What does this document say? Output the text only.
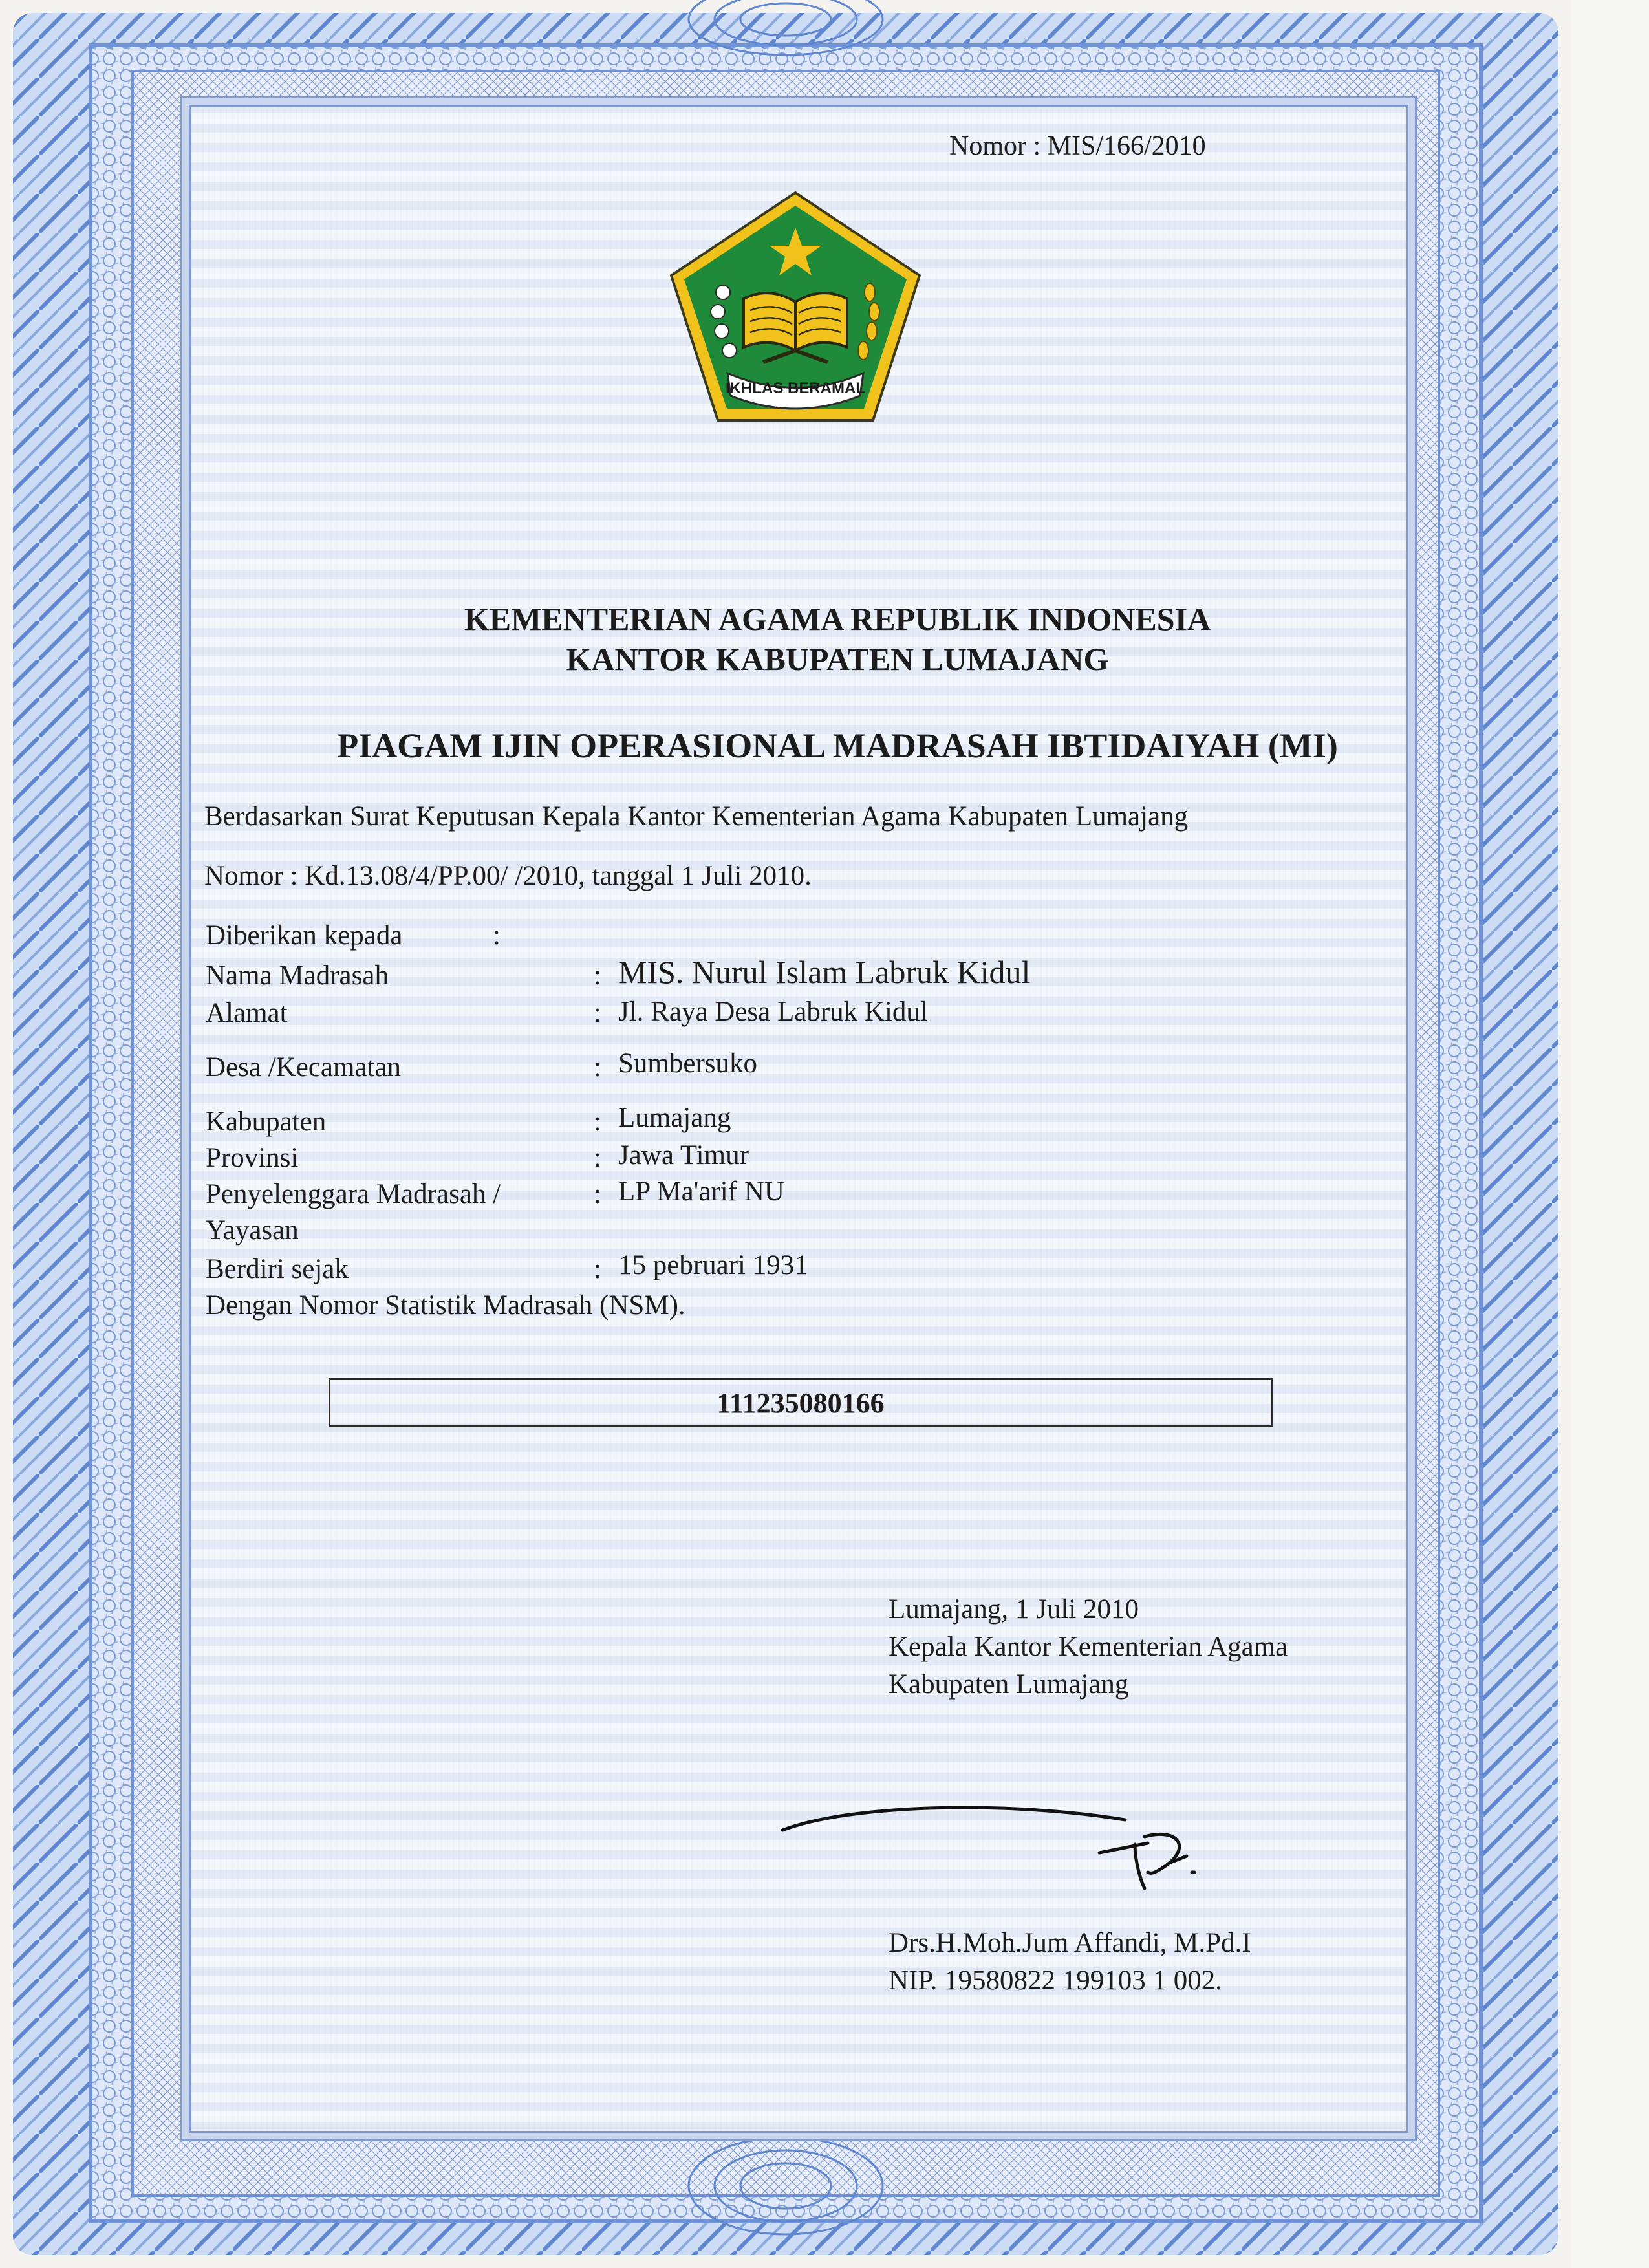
IKHLAS BERAMAL
Nomor : MIS/166/2010
KEMENTERIAN AGAMA REPUBLIK INDONESIA
KANTOR KABUPATEN LUMAJANG
PIAGAM IJIN OPERASIONAL MADRASAH IBTIDAIYAH (MI)
Berdasarkan Surat Keputusan Kepala Kantor Kementerian Agama Kabupaten Lumajang
Nomor : Kd.13.08/4/PP.00/ /2010, tanggal 1 Juli 2010.
Diberikan kepada	:
Nama Madrasah	: MIS. Nurul Islam Labruk Kidul
Alamat	: Jl. Raya Desa Labruk Kidul
Desa /Kecamatan	: Sumbersuko
Kabupaten	: Lumajang
Provinsi	: Jawa Timur
Penyelenggara Madrasah /	: LP Ma'arif NU
Yayasan
Berdiri sejak	: 15 pebruari 1931
Dengan Nomor Statistik Madrasah (NSM).
111235080166
Lumajang, 1 Juli 2010
Kepala Kantor Kementerian Agama
Kabupaten Lumajang
Drs.H.Moh.Jum Affandi, M.Pd.I
NIP. 19580822 199103 1 002.
